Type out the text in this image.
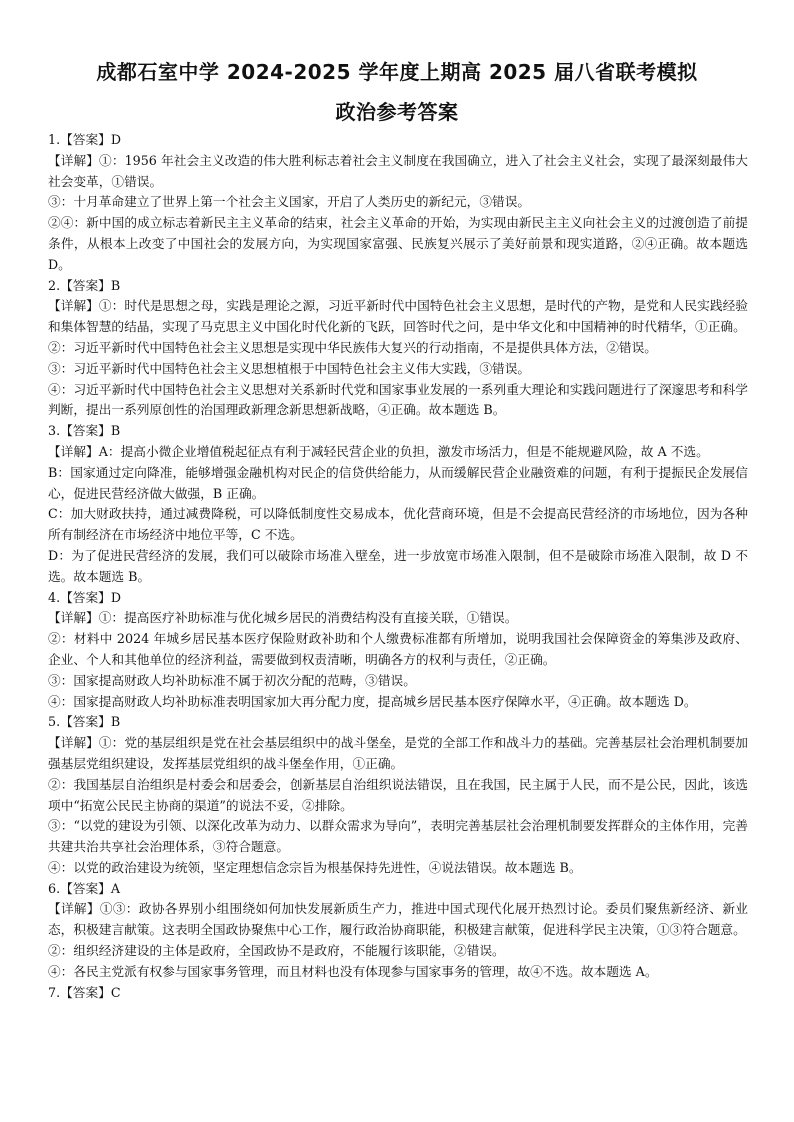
成都石室中学 2024-2025 学年度上期高 2025 届八省联考模拟
政治参考答案

1.【答案】D

【详解】①：1956 年社会主义改造的伟大胜利标志着社会主义制度在我国确立，进入了社会主义社会，实现了最深刻最伟大社会变革，①错误。

③：十月革命建立了世界上第一个社会主义国家，开启了人类历史的新纪元，③错误。

②④：新中国的成立标志着新民主主义革命的结束，社会主义革命的开始，为实现由新民主主义向社会主义的过渡创造了前提条件，从根本上改变了中国社会的发展方向，为实现国家富强、民族复兴展示了美好前景和现实道路，②④正确。故本题选 D。

2.【答案】B

【详解】①：时代是思想之母，实践是理论之源，习近平新时代中国特色社会主义思想，是时代的产物，是党和人民实践经验和集体智慧的结晶，实现了马克思主义中国化时代化新的飞跃，回答时代之问，是中华文化和中国精神的时代精华，①正确。

②：习近平新时代中国特色社会主义思想是实现中华民族伟大复兴的行动指南，不是提供具体方法，②错误。

③：习近平新时代中国特色社会主义思想植根于中国特色社会主义伟大实践，③错误。

④：习近平新时代中国特色社会主义思想对关系新时代党和国家事业发展的一系列重大理论和实践问题进行了深邃思考和科学判断，提出一系列原创性的治国理政新理念新思想新战略，④正确。故本题选 B。

3.【答案】B

【详解】A：提高小微企业增值税起征点有利于减轻民营企业的负担，激发市场活力，但是不能规避风险，故 A 不选。

B：国家通过定向降准，能够增强金融机构对民企的信贷供给能力，从而缓解民营企业融资难的问题，有利于提振民企发展信心，促进民营经济做大做强，B 正确。

C：加大财政扶持，通过减费降税，可以降低制度性交易成本，优化营商环境，但是不会提高民营经济的市场地位，因为各种所有制经济在市场经济中地位平等，C 不选。

D：为了促进民营经济的发展，我们可以破除市场准入壁垒，进一步放宽市场准入限制，但不是破除市场准入限制，故 D 不选。故本题选 B。

4.【答案】D

【详解】①：提高医疗补助标准与优化城乡居民的消费结构没有直接关联，①错误。

②：材料中 2024 年城乡居民基本医疗保险财政补助和个人缴费标准都有所增加，说明我国社会保障资金的筹集涉及政府、企业、个人和其他单位的经济利益，需要做到权责清晰，明确各方的权利与责任，②正确。

③：国家提高财政人均补助标准不属于初次分配的范畴，③错误。

④：国家提高财政人均补助标准表明国家加大再分配力度，提高城乡居民基本医疗保障水平，④正确。故本题选 D。

5.【答案】B

【详解】①：党的基层组织是党在社会基层组织中的战斗堡垒，是党的全部工作和战斗力的基础。完善基层社会治理机制要加强基层党组织建设，发挥基层党组织的战斗堡垒作用，①正确。

②：我国基层自治组织是村委会和居委会，创新基层自治组织说法错误，且在我国，民主属于人民，而不是公民，因此，该选项中“拓宽公民民主协商的渠道”的说法不妥，②排除。

③：“以党的建设为引领、以深化改革为动力、以群众需求为导向”，表明完善基层社会治理机制要发挥群众的主体作用，完善共建共治共享社会治理体系，③符合题意。

④：以党的政治建设为统领，坚定理想信念宗旨为根基保持先进性，④说法错误。故本题选 B。

6.【答案】A

【详解】①③：政协各界别小组围绕如何加快发展新质生产力，推进中国式现代化展开热烈讨论。委员们聚焦新经济、新业态，积极建言献策。这表明全国政协聚焦中心工作，履行政治协商职能，积极建言献策，促进科学民主决策，①③符合题意。

②：组织经济建设的主体是政府，全国政协不是政府，不能履行该职能，②错误。

④：各民主党派有权参与国家事务管理，而且材料也没有体现参与国家事务的管理，故④不选。故本题选 A。

7.【答案】C
